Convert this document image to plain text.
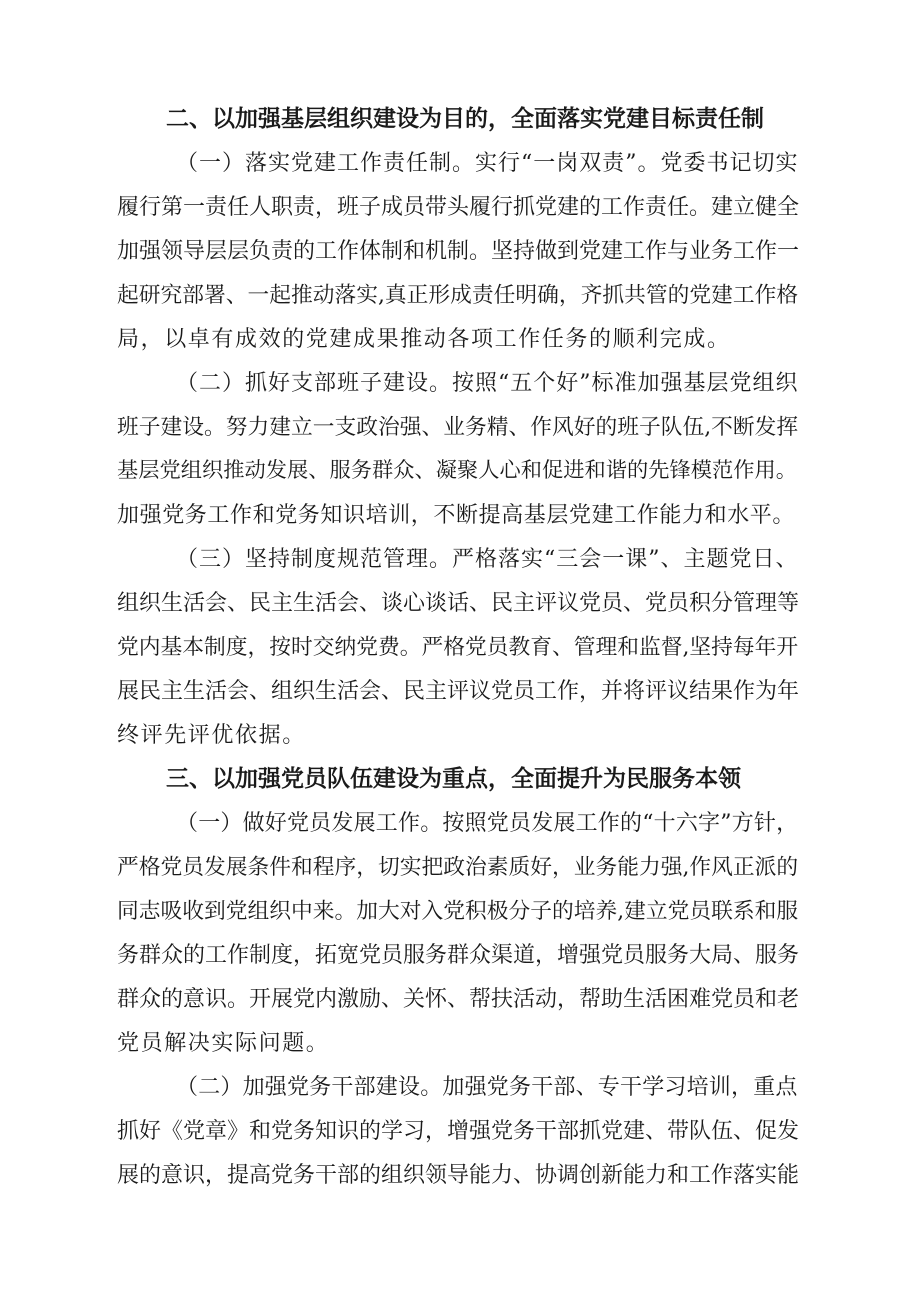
二、以加强基层组织建设为目的，全面落实党建目标责任制
（一）落实党建工作责任制。实行“一岗双责”。党委书记切实
履行第一责任人职责，班子成员带头履行抓党建的工作责任。建立健全
加强领导层层负责的工作体制和机制。坚持做到党建工作与业务工作一
起研究部署、一起推动落实,真正形成责任明确，齐抓共管的党建工作格
局，以卓有成效的党建成果推动各项工作任务的顺利完成。
（二）抓好支部班子建设。按照“五个好”标准加强基层党组织
班子建设。努力建立一支政治强、业务精、作风好的班子队伍,不断发挥
基层党组织推动发展、服务群众、凝聚人心和促进和谐的先锋模范作用。
加强党务工作和党务知识培训，不断提高基层党建工作能力和水平。
（三）坚持制度规范管理。严格落实“三会一课”、主题党日、
组织生活会、民主生活会、谈心谈话、民主评议党员、党员积分管理等
党内基本制度，按时交纳党费。严格党员教育、管理和监督,坚持每年开
展民主生活会、组织生活会、民主评议党员工作，并将评议结果作为年
终评先评优依据。
三、以加强党员队伍建设为重点，全面提升为民服务本领
（一）做好党员发展工作。按照党员发展工作的“十六字”方针，
严格党员发展条件和程序，切实把政治素质好，业务能力强,作风正派的
同志吸收到党组织中来。加大对入党积极分子的培养,建立党员联系和服
务群众的工作制度，拓宽党员服务群众渠道，增强党员服务大局、服务
群众的意识。开展党内激励、关怀、帮扶活动，帮助生活困难党员和老
党员解决实际问题。
（二）加强党务干部建设。加强党务干部、专干学习培训，重点
抓好《党章》和党务知识的学习，增强党务干部抓党建、带队伍、促发
展的意识，提高党务干部的组织领导能力、协调创新能力和工作落实能
